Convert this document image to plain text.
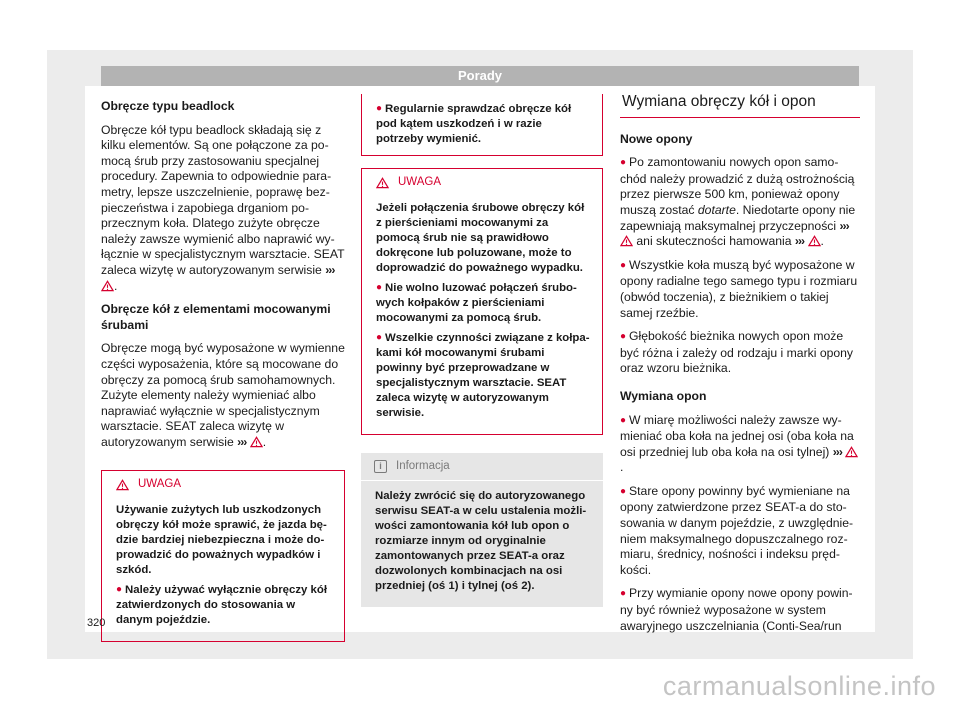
Porady

Obręcze typu beadlock

Obręcze kół typu beadlock składają się z kilku elementów. Są one połączone za pomocą śrub przy zastosowaniu specjalnej procedury. Zapewnia to odpowiednie parametry, lepsze uszczelnienie, poprawę bezpieczeństwa i zapobiega drganiom poprzecznym koła. Dlatego zużyte obręcze należy zawsze wymienić albo naprawić wyłącznie w specjalistycznym warsztacie. SEAT zaleca wizytę w autoryzowanym serwisie ››› .

Obręcze kół z elementami mocowanymi śrubami

Obręcze mogą być wyposażone w wymienne części wyposażenia, które są mocowane do obręczy za pomocą śrub samohamownych. Zużyte elementy należy wymieniać albo naprawiać wyłącznie w specjalistycznym warsztacie. SEAT zaleca wizytę w autoryzowanym serwisie ››› .

UWAGA

Używanie zużytych lub uszkodzonych obręczy kół może sprawić, że jazda będzie bardziej niebezpieczna i może doprowadzić do poważnych wypadków i szkód.

● Należy używać wyłącznie obręczy kół zatwierdzonych do stosowania w danym pojeździe.

● Regularnie sprawdzać obręcze kół pod kątem uszkodzeń i w razie potrzeby wymienić.

UWAGA

Jeżeli połączenia śrubowe obręczy kół z pierścieniami mocowanymi za pomocą śrub nie są prawidłowo dokręcone lub poluzowane, może to doprowadzić do poważnego wypadku.

● Nie wolno luzować połączeń śrubowych kołpaków z pierścieniami mocowanymi za pomocą śrub.

● Wszelkie czynności związane z kołpakami kół mocowanymi śrubami powinny być przeprowadzane w specjalistycznym warsztacie. SEAT zaleca wizytę w autoryzowanym serwisie.

i	Informacja

Należy zwrócić się do autoryzowanego serwisu SEAT-a w celu ustalenia możliwości zamontowania kół lub opon o rozmiarze innym od oryginalnie zamontowanych przez SEAT-a oraz dozwolonych kombinacjach na osi przedniej (oś 1) i tylnej (oś 2).

Wymiana obręczy kół i opon

Nowe opony

● Po zamontowaniu nowych opon samochód należy prowadzić z dużą ostrożnością przez pierwsze 500 km, ponieważ opony muszą zostać dotarte. Niedotarte opony nie zapewniają maksymalnej przyczepności ›››  ani skuteczności hamowania ››› .

● Wszystkie koła muszą być wyposażone w opony radialne tego samego typu i rozmiaru (obwód toczenia), z bieżnikiem o takiej samej rzeźbie.

● Głębokość bieżnika nowych opon może być różna i zależy od rodzaju i marki opony oraz wzoru bieżnika.

Wymiana opon

● W miarę możliwości należy zawsze wymieniać oba koła na jednej osi (oba koła na osi przedniej lub oba koła na osi tylnej) ››› .

● Stare opony powinny być wymieniane na opony zatwierdzone przez SEAT-a do stosowania w danym pojeździe, z uwzględnieniem maksymalnego dopuszczalnego rozmiaru, średnicy, nośności i indeksu prędkości.

● Przy wymianie opony nowe opony powinny być również wyposażone w system awaryjnego uszczelniania (Conti-Sea/run

320
carmanualsonline.info
